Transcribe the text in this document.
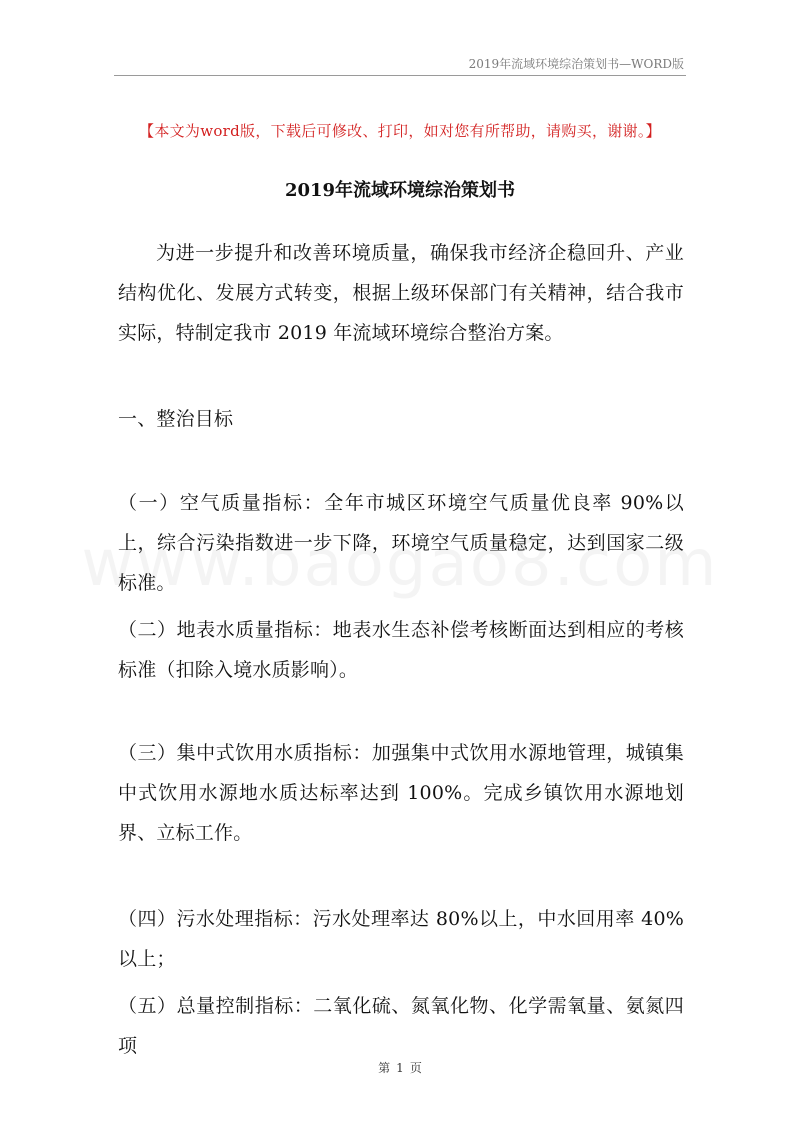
2019年流域环境综治策划书—WORD版
【本文为word版，下载后可修改、打印，如对您有所帮助，请购买，谢谢。】
2019年流域环境综治策划书
为进一步提升和改善环境质量，确保我市经济企稳回升、产业结构优化、发展方式转变，根据上级环保部门有关精神，结合我市实际，特制定我市 2019 年流域环境综合整治方案。
一、整治目标
（一）空气质量指标：全年市城区环境空气质量优良率 90%以上，综合污染指数进一步下降，环境空气质量稳定，达到国家二级标准。
（二）地表水质量指标：地表水生态补偿考核断面达到相应的考核标准（扣除入境水质影响）。
（三）集中式饮用水质指标：加强集中式饮用水源地管理，城镇集中式饮用水源地水质达标率达到 100%。完成乡镇饮用水源地划界、立标工作。
（四）污水处理指标：污水处理率达 80%以上，中水回用率 40%以上；
（五）总量控制指标：二氧化硫、氮氧化物、化学需氧量、氨氮四项
第 1 页
